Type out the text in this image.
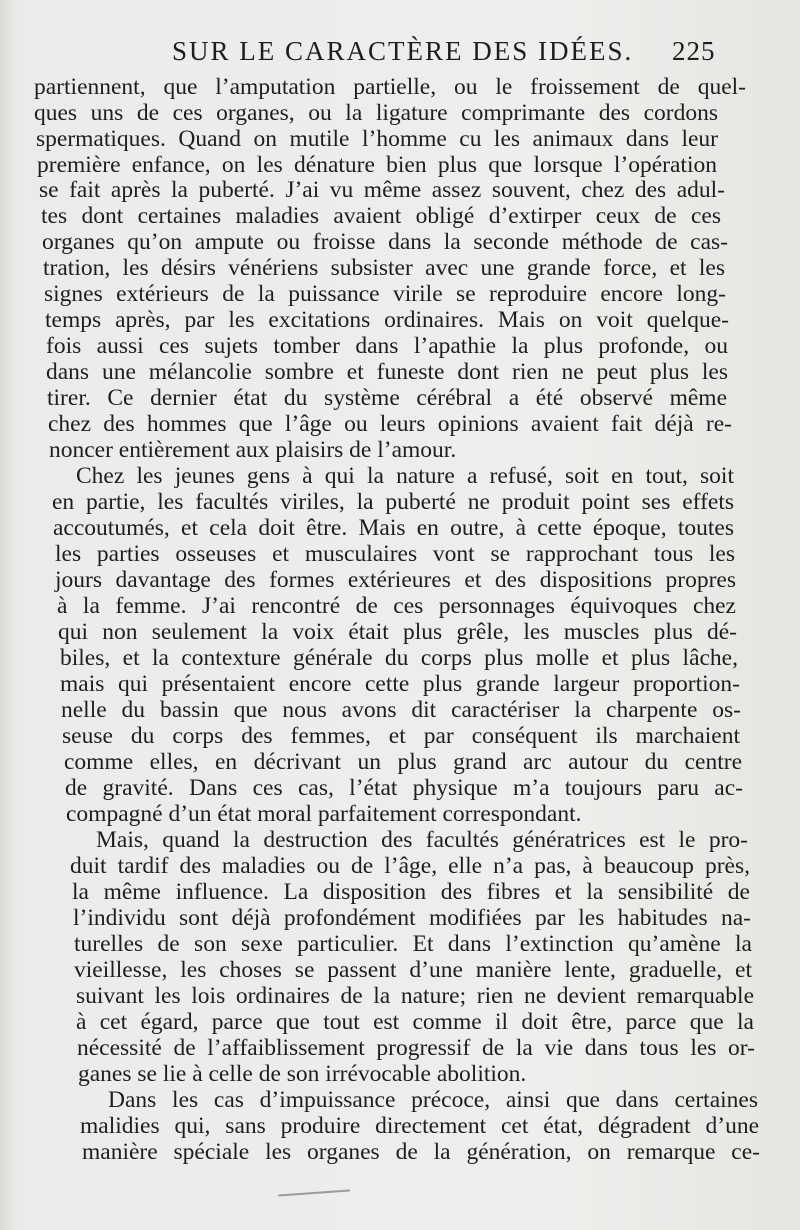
SUR LE CARACTÈRE DES IDÉES. 225
partiennent, que l’amputation partielle, ou le froissement de quel-
ques uns de ces organes, ou la ligature comprimante des cordons
spermatiques. Quand on mutile l’homme cu les animaux dans leur
première enfance, on les dénature bien plus que lorsque l’opération
se fait après la puberté. J’ai vu même assez souvent, chez des adul-
tes dont certaines maladies avaient obligé d’extirper ceux de ces
organes qu’on ampute ou froisse dans la seconde méthode de cas-
tration, les désirs vénériens subsister avec une grande force, et les
signes extérieurs de la puissance virile se reproduire encore long-
temps après, par les excitations ordinaires. Mais on voit quelque-
fois aussi ces sujets tomber dans l’apathie la plus profonde, ou
dans une mélancolie sombre et funeste dont rien ne peut plus les
tirer. Ce dernier état du système cérébral a été observé même
chez des hommes que l’âge ou leurs opinions avaient fait déjà re-
noncer entièrement aux plaisirs de l’amour.
Chez les jeunes gens à qui la nature a refusé, soit en tout, soit
en partie, les facultés viriles, la puberté ne produit point ses effets
accoutumés, et cela doit être. Mais en outre, à cette époque, toutes
les parties osseuses et musculaires vont se rapprochant tous les
jours davantage des formes extérieures et des dispositions propres
à la femme. J’ai rencontré de ces personnages équivoques chez
qui non seulement la voix était plus grêle, les muscles plus dé-
biles, et la contexture générale du corps plus molle et plus lâche,
mais qui présentaient encore cette plus grande largeur proportion-
nelle du bassin que nous avons dit caractériser la charpente os-
seuse du corps des femmes, et par conséquent ils marchaient
comme elles, en décrivant un plus grand arc autour du centre
de gravité. Dans ces cas, l’état physique m’a toujours paru ac-
compagné d’un état moral parfaitement correspondant.
Mais, quand la destruction des facultés génératrices est le pro-
duit tardif des maladies ou de l’âge, elle n’a pas, à beaucoup près,
la même influence. La disposition des fibres et la sensibilité de
l’individu sont déjà profondément modifiées par les habitudes na-
turelles de son sexe particulier. Et dans l’extinction qu’amène la
vieillesse, les choses se passent d’une manière lente, graduelle, et
suivant les lois ordinaires de la nature; rien ne devient remarquable
à cet égard, parce que tout est comme il doit être, parce que la
nécessité de l’affaiblissement progressif de la vie dans tous les or-
ganes se lie à celle de son irrévocable abolition.
Dans les cas d’impuissance précoce, ainsi que dans certaines
malidies qui, sans produire directement cet état, dégradent d’une
manière spéciale les organes de la génération, on remarque ce-
